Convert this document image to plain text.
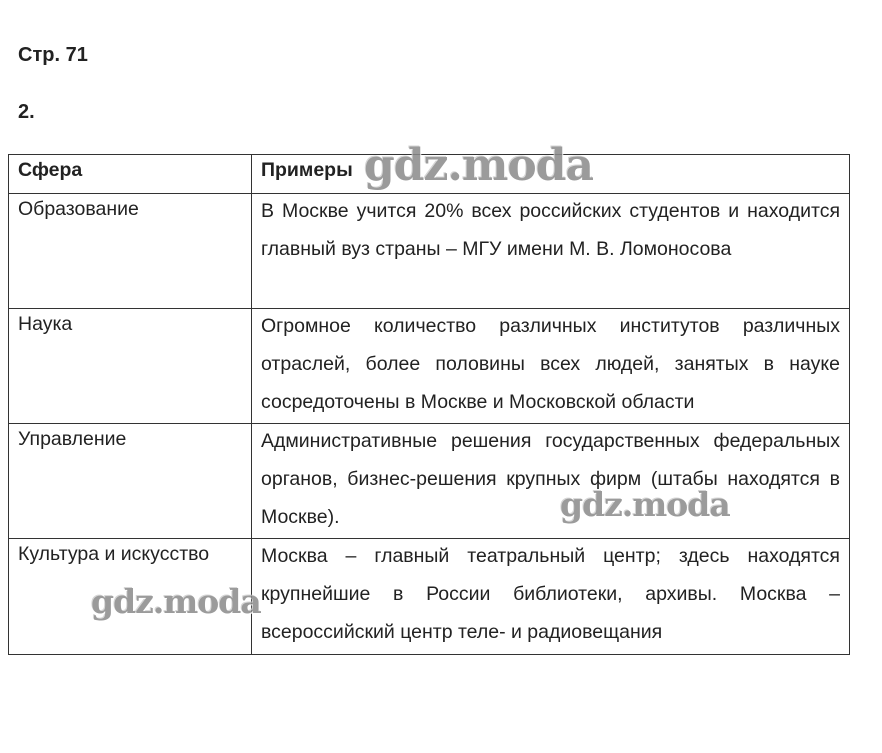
Стр. 71
2.
Сфера	Примеры
Образование	В Москве учится 20% всех российских студентов и находится главный вуз страны – МГУ имени М. В. Ломоносова

Наука	Огромное количество различных институтов различных отраслей, более половины всех людей, занятых в науке сосредоточены в Москве и Московской области

Управление	Административные решения государственных федеральных органов, бизнес-решения крупных фирм (штабы находятся в Москве).

Культура и искусство	Москва – главный театральный центр; здесь находятся крупнейшие в России библиотеки, архивы. Москва – всероссийский центр теле- и радиовещания
gdz.moda
gdz.moda
gdz.moda
